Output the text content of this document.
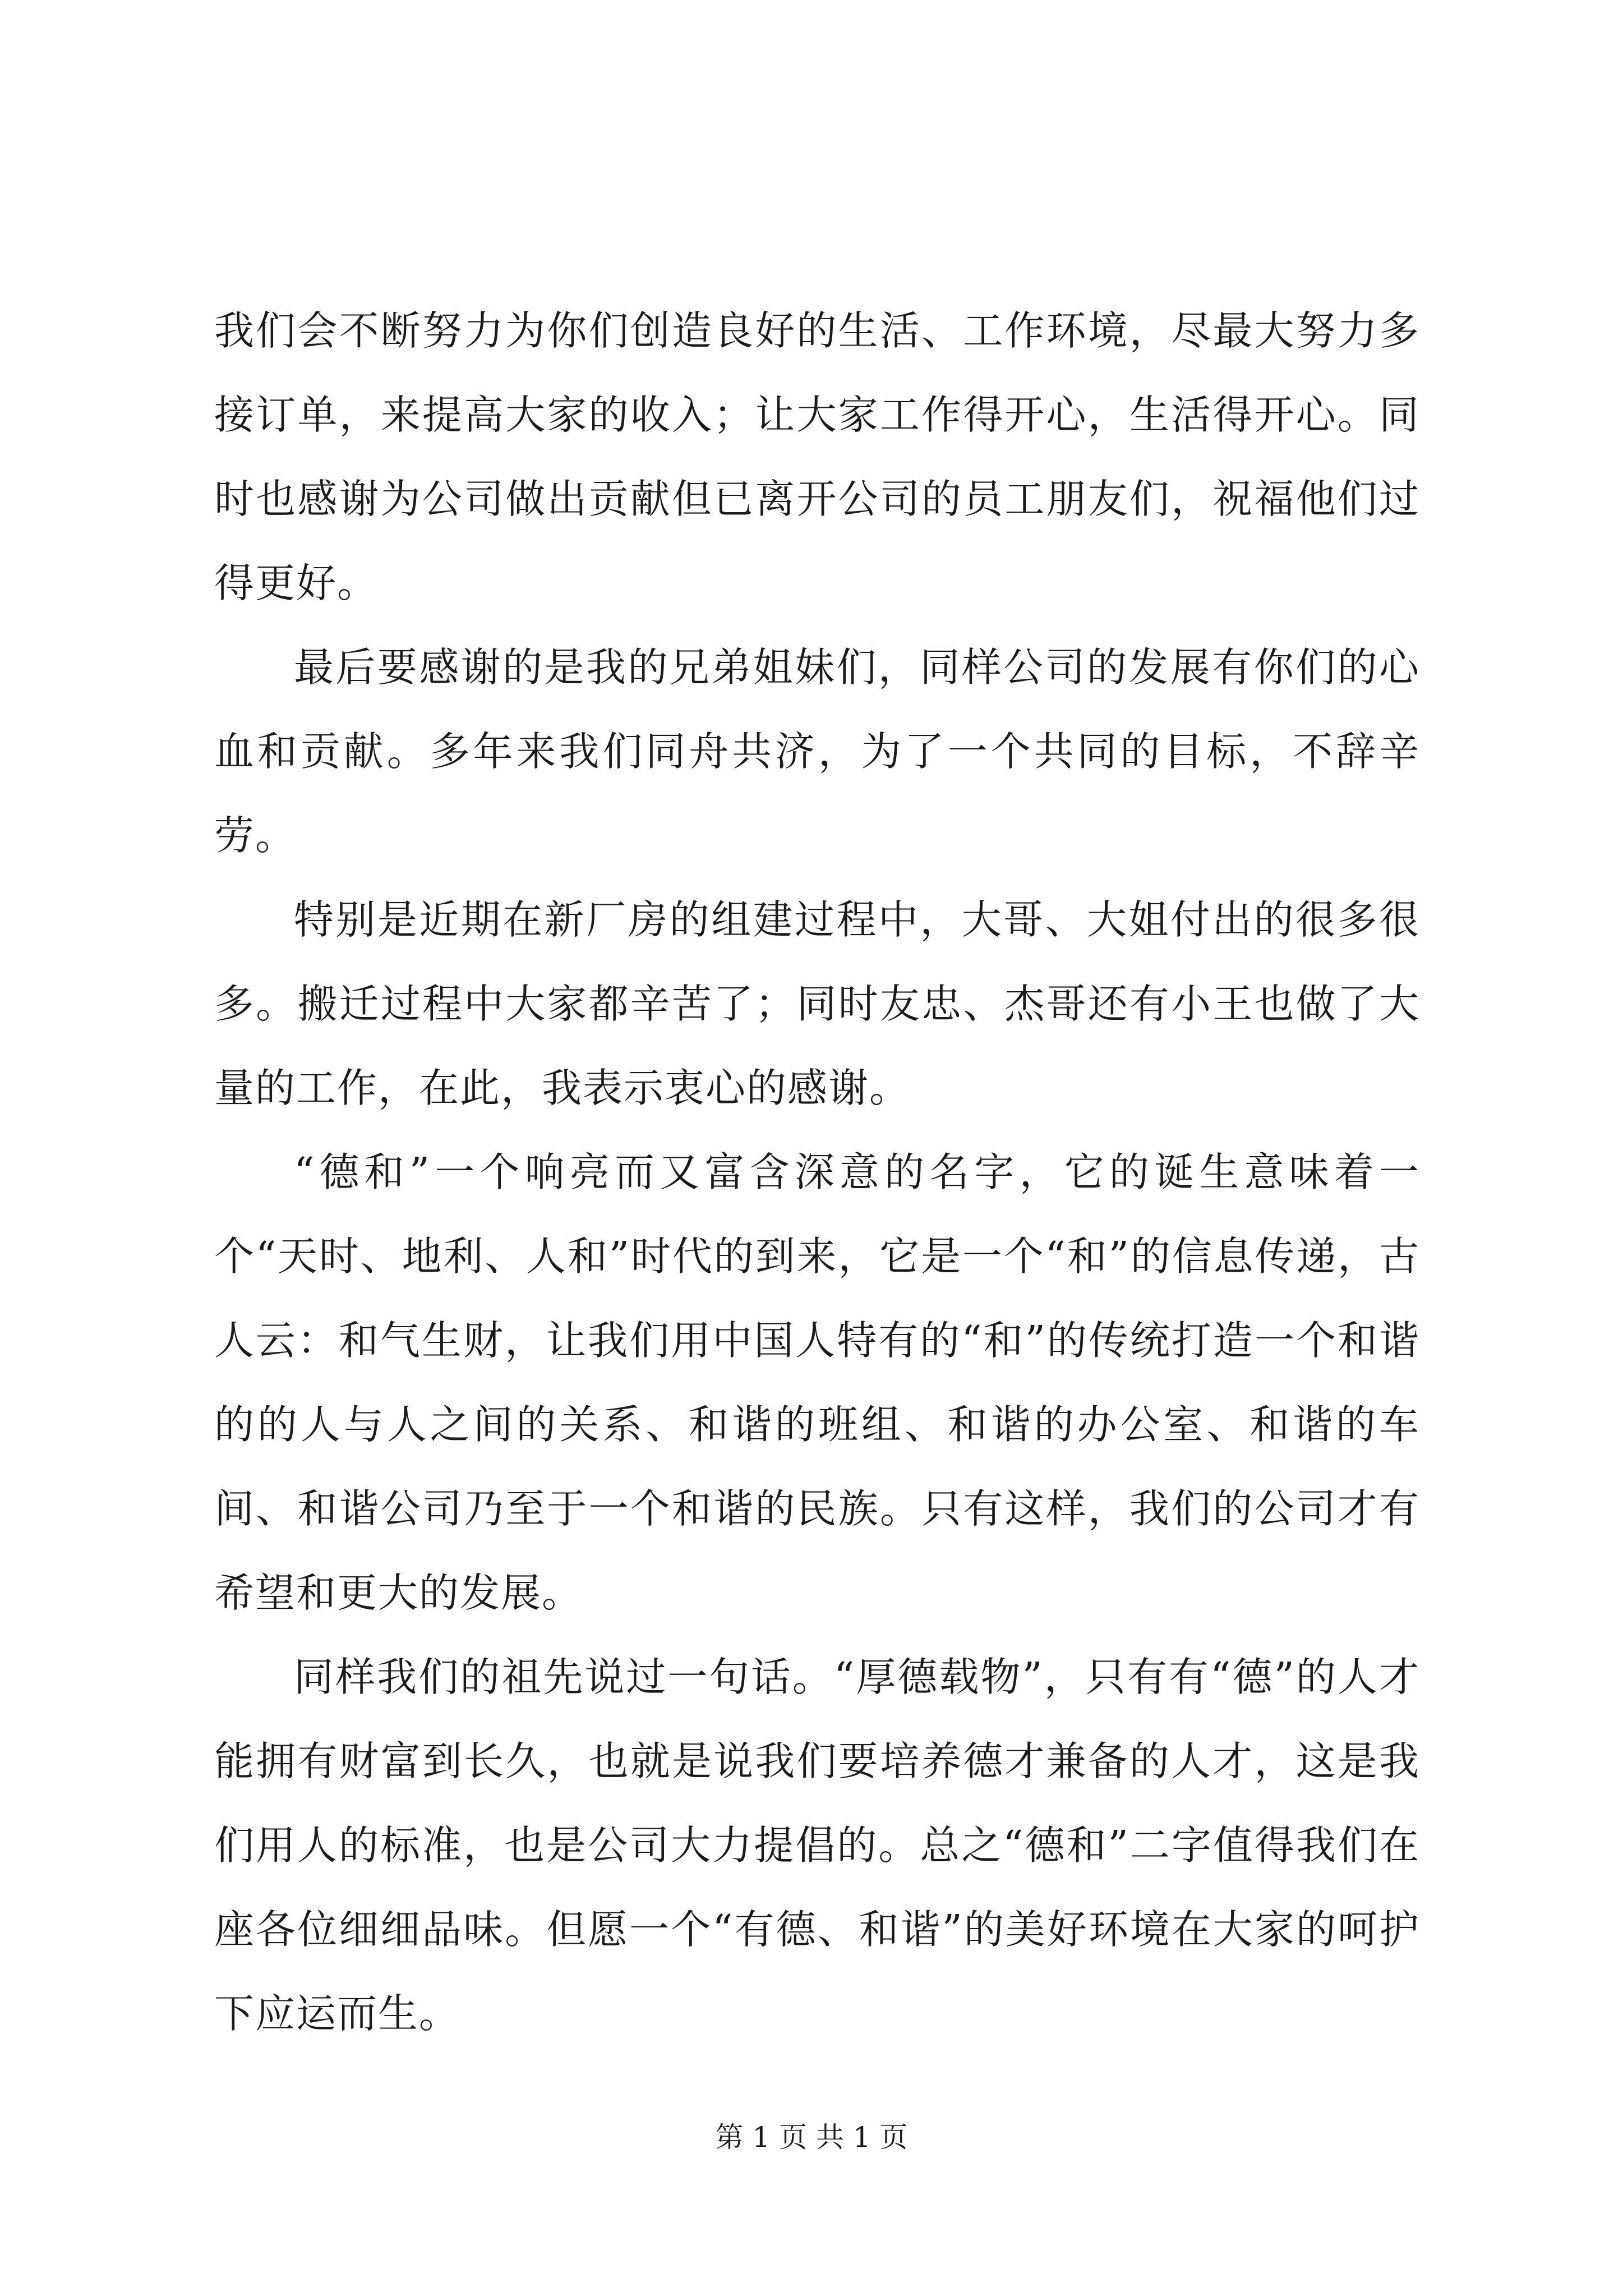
我们会不断努力为你们创造良好的生活、工作环境，尽最大努力多接订单，来提高大家的收入；让大家工作得开心，生活得开心。同时也感谢为公司做出贡献但已离开公司的员工朋友们，祝福他们过得更好。

最后要感谢的是我的兄弟姐妹们，同样公司的发展有你们的心血和贡献。多年来我们同舟共济，为了一个共同的目标，不辞辛劳。

特别是近期在新厂房的组建过程中，大哥、大姐付出的很多很多。搬迁过程中大家都辛苦了；同时友忠、杰哥还有小王也做了大量的工作，在此，我表示衷心的感谢。

“德和”一个响亮而又富含深意的名字，它的诞生意味着一个“天时、地利、人和”时代的到来，它是一个“和”的信息传递，古人云：和气生财，让我们用中国人特有的“和”的传统打造一个和谐的的人与人之间的关系、和谐的班组、和谐的办公室、和谐的车间、和谐公司乃至于一个和谐的民族。只有这样，我们的公司才有希望和更大的发展。

同样我们的祖先说过一句话。“厚德载物”，只有有“德”的人才能拥有财富到长久，也就是说我们要培养德才兼备的人才，这是我们用人的标准，也是公司大力提倡的。总之“德和”二字值得我们在座各位细细品味。但愿一个“有德、和谐”的美好环境在大家的呵护下应运而生。

第 1 页 共 1 页
